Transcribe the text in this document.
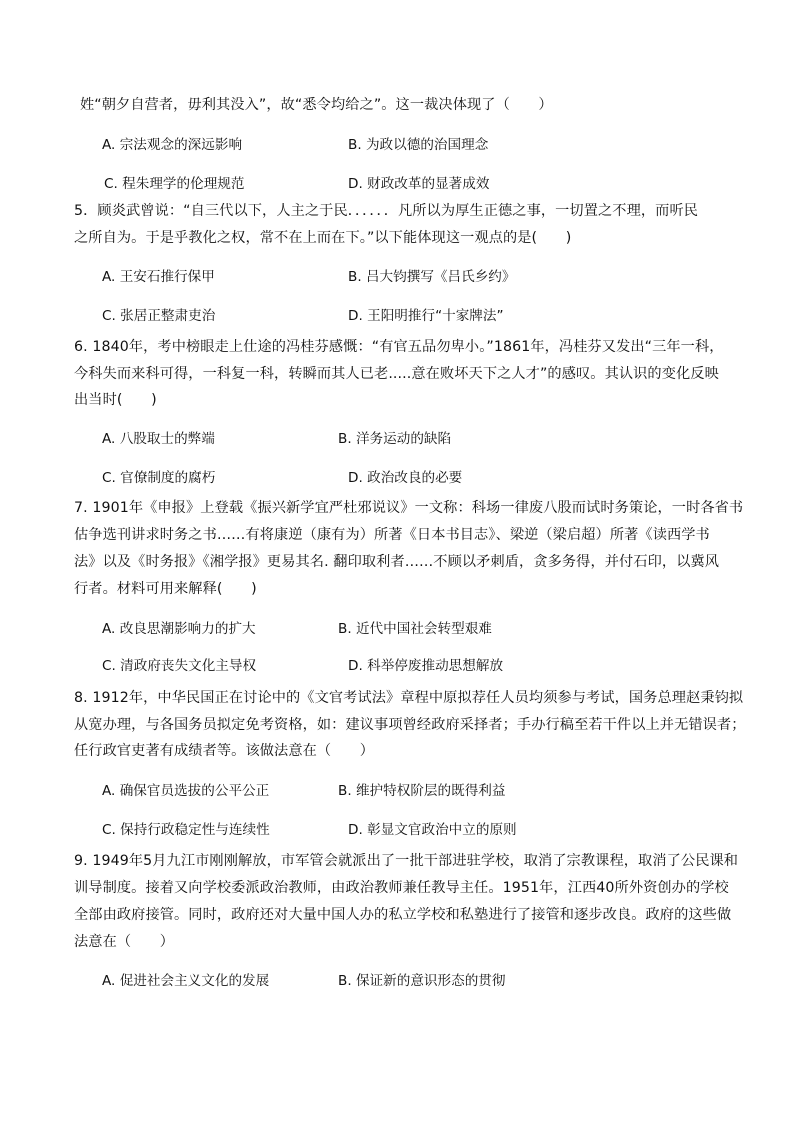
姓“朝夕自营者，毋利其没入”，故“悉令均给之”。这一裁决体现了（　　）
A. 宗法观念的深远影响	B. 为政以德的治国理念
C. 程朱理学的伦理规范	D. 财政改革的显著成效
5．顾炎武曾说：“自三代以下，人主之于民．．．．．．凡所以为厚生正德之事，一切置之不理，而听民
之所自为。于是乎教化之权，常不在上而在下。”以下能体现这一观点的是(　　)
A. 王安石推行保甲	B. 吕大钧撰写《吕氏乡约》
C. 张居正整肃吏治	D. 王阳明推行“十家牌法”
6. 1840年，考中榜眼走上仕途的冯桂芬感慨：“有官五品勿卑小。”1861年，冯桂芬又发出“三年一科，
今科失而来科可得，一科复一科，转瞬而其人已老.....意在败坏天下之人才”的感叹。其认识的变化反映
出当时(　　)
A. 八股取士的弊端	B. 洋务运动的缺陷
C. 官僚制度的腐朽	D. 政治改良的必要
7. 1901年《申报》上登载《振兴新学宜严杜邪说议》一文称：科场一律废八股而试时务策论，一时各省书
估争选刊讲求时务之书……有将康逆（康有为）所著《日本书目志》、梁逆（梁启超）所著《读西学书
法》以及《时务报》《湘学报》更易其名. 翻印取利者……不顾以矛刺盾，贪多务得，并付石印，以冀风
行者。材料可用来解释(　　)
A. 改良思潮影响力的扩大	B. 近代中国社会转型艰难
C. 清政府丧失文化主导权	D. 科举停废推动思想解放
8. 1912年，中华民国正在讨论中的《文官考试法》章程中原拟荐任人员均须参与考试，国务总理赵秉钧拟
从宽办理，与各国务员拟定免考资格，如：建议事项曾经政府采择者；手办行稿至若干件以上并无错误者；
任行政官吏著有成绩者等。该做法意在（　　）
A. 确保官员选拔的公平公正	B. 维护特权阶层的既得利益
C. 保持行政稳定性与连续性	D. 彰显文官政治中立的原则
9. 1949年5月九江市刚刚解放，市军管会就派出了一批干部进驻学校，取消了宗教课程，取消了公民课和
训导制度。接着又向学校委派政治教师，由政治教师兼任教导主任。1951年，江西40所外资创办的学校
全部由政府接管。同时，政府还对大量中国人办的私立学校和私塾进行了接管和逐步改良。政府的这些做
法意在（　　）
A. 促进社会主义文化的发展	B. 保证新的意识形态的贯彻
